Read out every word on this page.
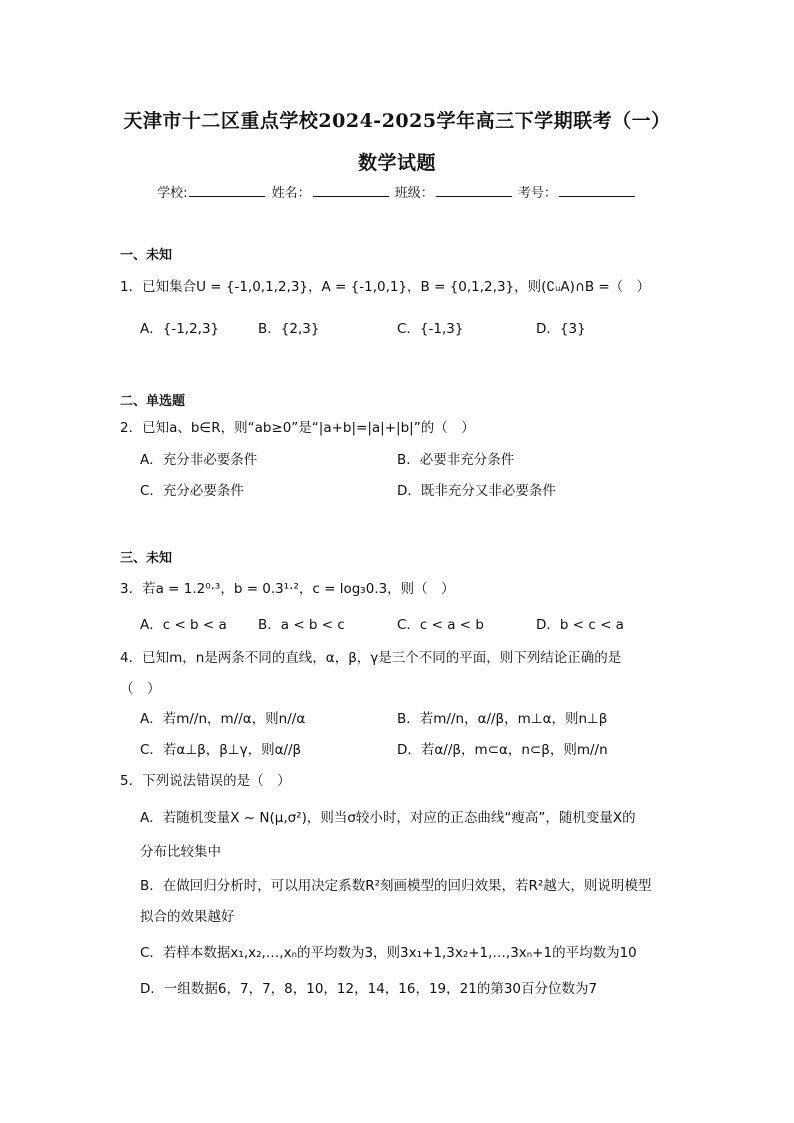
天津市十二区重点学校2024-2025学年高三下学期联考（一）
数学试题
学校:	姓名：	班级：	考号：
一、未知
1．已知集合U = {-1,0,1,2,3}，A = {-1,0,1}，B = {0,1,2,3}，则(∁ᵤA)∩B =（　）
A．{-1,2,3}	B．{2,3}	C．{-1,3}	D．{3}
二、单选题
2．已知a、b∈R，则“ab≥0”是“|a+b|=|a|+|b|”的（　）
A．充分非必要条件	B．必要非充分条件
C．充分必要条件	D．既非充分又非必要条件
三、未知
3．若a = 1.2⁰·³，b = 0.3¹·²，c = log₃0.3，则（　）
A．c < b < a B．a < b < c	C．c < a < b	D．b < c < a
4．已知m，n是两条不同的直线，α，β，γ是三个不同的平面，则下列结论正确的是
（　）
A．若m//n，m//α，则n//α	B．若m//n，α//β，m⊥α，则n⊥β
C．若α⊥β，β⊥γ，则α//β	D．若α//β，m⊂α，n⊂β，则m//n
5．下列说法错误的是（　）
A．若随机变量X ~ N(μ,σ²)，则当σ较小时，对应的正态曲线“瘦高”，随机变量X的
分布比较集中
B．在做回归分析时，可以用决定系数R²刻画模型的回归效果，若R²越大，则说明模型
拟合的效果越好
C．若样本数据x₁,x₂,…,xₙ的平均数为3，则3x₁+1,3x₂+1,…,3xₙ+1的平均数为10
D．一组数据6，7，7，8，10，12，14，16，19，21的第30百分位数为7
